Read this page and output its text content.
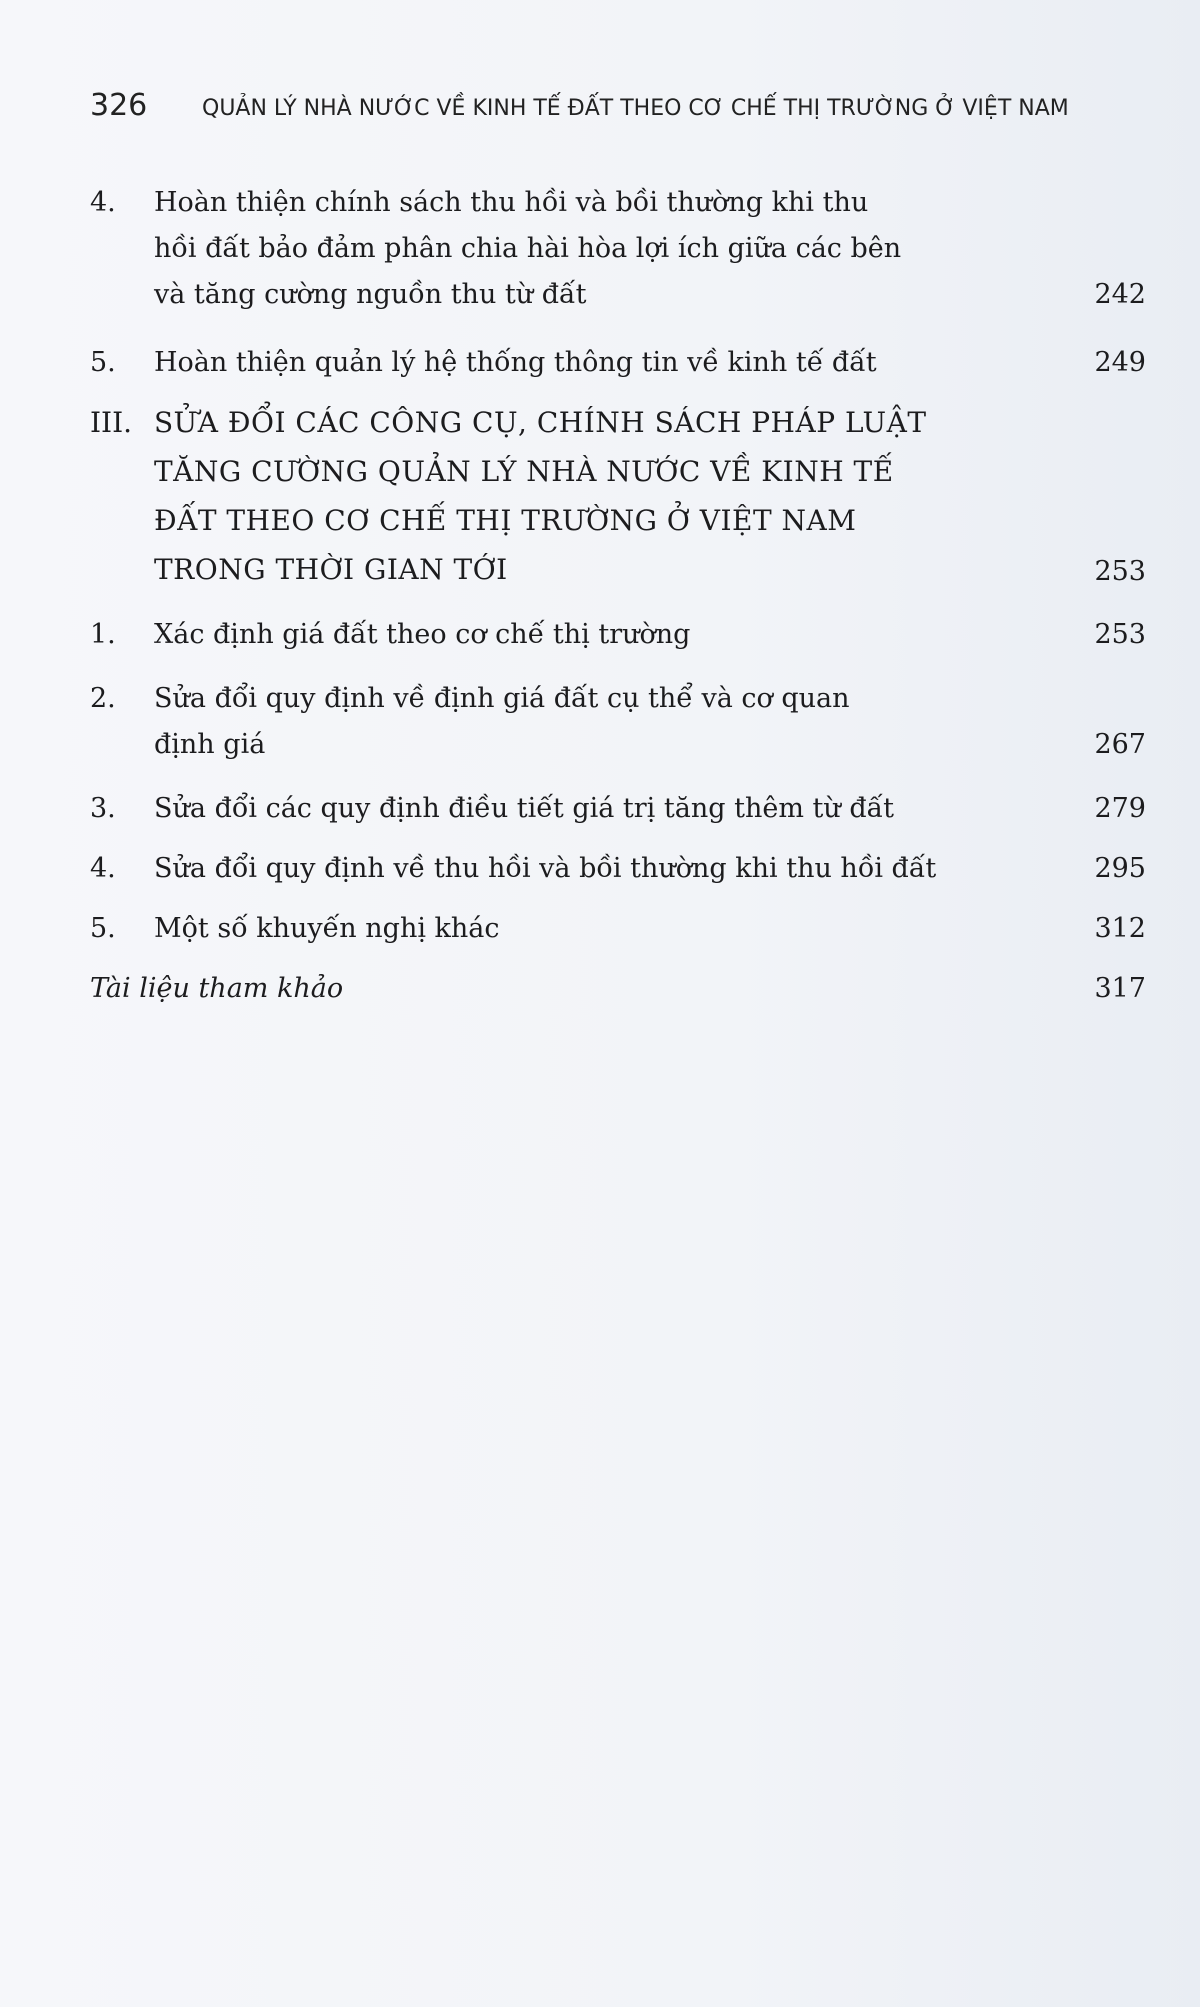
326 QUẢN LÝ NHÀ NƯỚC VỀ KINH TẾ ĐẤT THEO CƠ CHẾ THỊ TRƯỜNG Ở VIỆT NAM
4. Hoàn thiện chính sách thu hồi và bồi thường khi thu
hồi đất bảo đảm phân chia hài hòa lợi ích giữa các bên
và tăng cường nguồn thu từ đất	242
5. Hoàn thiện quản lý hệ thống thông tin về kinh tế đất	249
III. SỬA ĐỔI CÁC CÔNG CỤ, CHÍNH SÁCH PHÁP LUẬT
TĂNG CƯỜNG QUẢN LÝ NHÀ NƯỚC VỀ KINH TẾ
ĐẤT THEO CƠ CHẾ THỊ TRƯỜNG Ở VIỆT NAM
TRONG THỜI GIAN TỚI	253
1. Xác định giá đất theo cơ chế thị trường	253
2. Sửa đổi quy định về định giá đất cụ thể và cơ quan
định giá	267
3. Sửa đổi các quy định điều tiết giá trị tăng thêm từ đất	279
4. Sửa đổi quy định về thu hồi và bồi thường khi thu hồi đất	295
5. Một số khuyến nghị khác	312
Tài liệu tham khảo	317
